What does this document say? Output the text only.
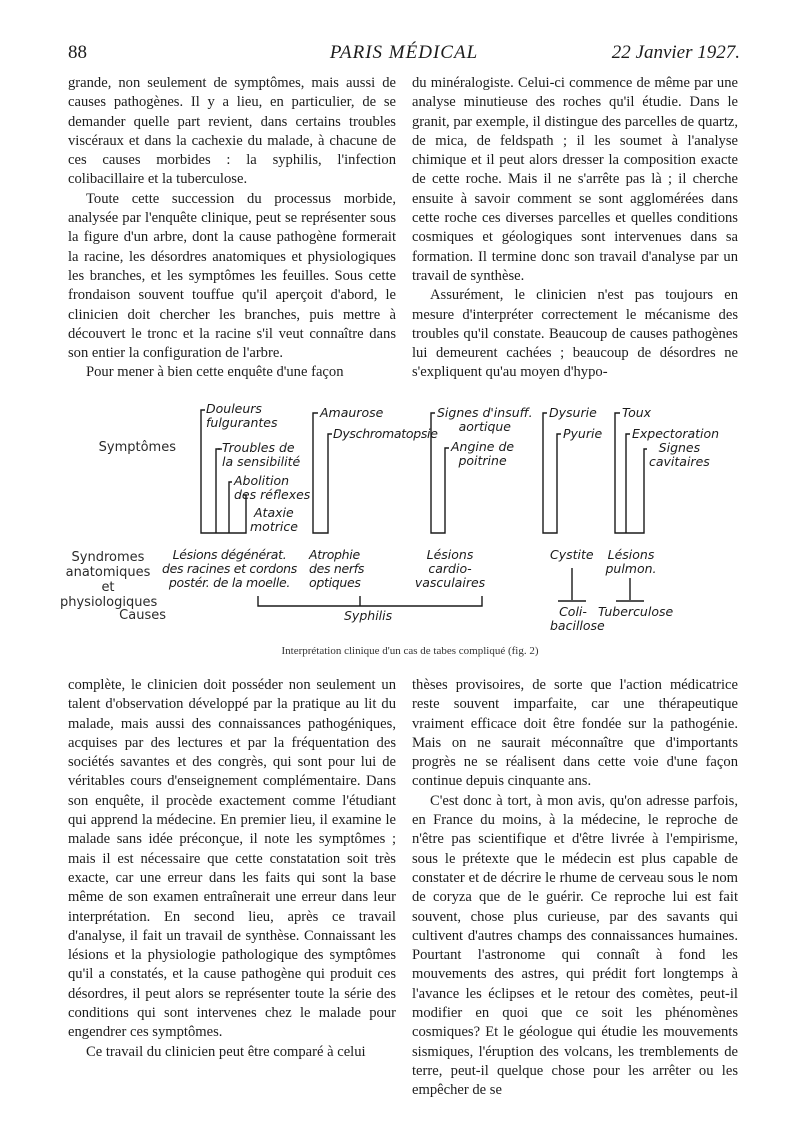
88	PARIS MÉDICAL	22 Janvier 1927.

grande, non seulement de symptômes, mais aussi de causes pathogènes. Il y a lieu, en particulier, de se demander quelle part revient, dans certains troubles viscéraux et dans la cachexie du malade, à chacune de ces causes morbides : la syphilis, l'infection colibacillaire et la tuberculose.

Toute cette succession du processus morbide, analysée par l'enquête clinique, peut se représenter sous la figure d'un arbre, dont la cause pathogène formerait la racine, les désordres anatomiques et physiologiques les branches, et les symptômes les feuilles. Sous cette frondaison souvent touffue qu'il aperçoit d'abord, le clinicien doit chercher les branches, puis mettre à découvert le tronc et la racine s'il veut connaître dans son entier la configuration de l'arbre.

Pour mener à bien cette enquête d'une façon

du minéralogiste. Celui-ci commence de même par une analyse minutieuse des roches qu'il étudie. Dans le granit, par exemple, il distingue des parcelles de quartz, de mica, de feldspath ; il les soumet à l'analyse chimique et il peut alors dresser la composition exacte de cette roche. Mais il ne s'arrête pas là ; il cherche ensuite à savoir comment se sont agglomérées dans cette roche ces diverses parcelles et quelles conditions cosmiques et géologiques sont intervenues dans sa formation. Il termine donc son travail d'analyse par un travail de synthèse.

Assurément, le clinicien n'est pas toujours en mesure d'interpréter correctement le mécanisme des troubles qu'il constate. Beaucoup de causes pathogènes lui demeurent cachées ; beaucoup de désordres ne s'expliquent qu'au moyen d'hypo-

Symptômes
Syndromes
anatomiques et
physiologiques
Causes
Douleurs
fulgurantes
Troubles de
la sensibilité
Abolition
des réflexes
Ataxie
motrice
Amaurose
Dyschromatopsie
Signes d'insuff.
aortique
Angine de
poitrine
Dysurie
Pyurie
Toux
Expectoration
Signes
cavitaires
Lésions dégénérat.
des racines et cordons
postér. de la moelle.
Atrophie
des nerfs
optiques
Lésions
cardio-
vasculaires
Cystite	Lésions
pulmon.
Syphilis	Coli-
bacillose
Tuberculose
Interprétation clinique d'un cas de tabes compliqué (fig. 2)

complète, le clinicien doit posséder non seulement un talent d'observation développé par la pratique au lit du malade, mais aussi des connaissances pathogéniques, acquises par des lectures et par la fréquentation des sociétés savantes et des congrès, qui sont pour lui de véritables cours d'enseignement complémentaire. Dans son enquête, il procède exactement comme l'étudiant qui apprend la médecine. En premier lieu, il examine le malade sans idée préconçue, il note les symptômes ; mais il est nécessaire que cette constatation soit très exacte, car une erreur dans les faits qui sont la base même de son examen entraînerait une erreur dans leur interprétation. En second lieu, après ce travail d'analyse, il fait un travail de synthèse. Connaissant les lésions et la physiologie pathologique des symptômes qu'il a constatés, et la cause pathogène qui produit ces désordres, il peut alors se représenter toute la série des conditions qui sont intervenes chez le malade pour engendrer ces symptômes.

Ce travail du clinicien peut être comparé à celui

thèses provisoires, de sorte que l'action médicatrice reste souvent imparfaite, car une thérapeutique vraiment efficace doit être fondée sur la pathogénie. Mais on ne saurait méconnaître que d'importants progrès ne se réalisent dans cette voie d'une façon continue depuis cinquante ans.

C'est donc à tort, à mon avis, qu'on adresse parfois, en France du moins, à la médecine, le reproche de n'être pas scientifique et d'être livrée à l'empirisme, sous le prétexte que le médecin est plus capable de constater et de décrire le rhume de cerveau sous le nom de coryza que de le guérir. Ce reproche lui est fait souvent, chose plus curieuse, par des savants qui cultivent d'autres champs des connaissances humaines. Pourtant l'astronome qui connaît à fond les mouvements des astres, qui prédit fort longtemps à l'avance les éclipses et le retour des comètes, peut-il modifier en quoi que ce soit les phénomènes cosmiques? Et le géologue qui étudie les mouvements sismiques, l'éruption des volcans, les tremblements de terre, peut-il quelque chose pour les arrêter ou les empêcher de se
